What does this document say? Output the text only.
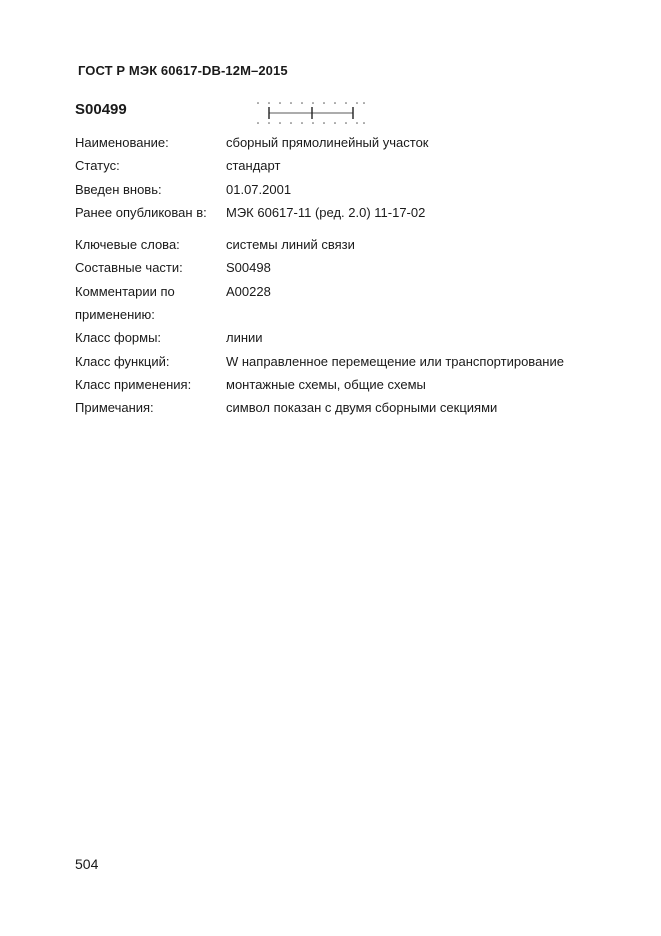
ГОСТ Р МЭК 60617-DB-12M–2015
S00499
Наименование:	сборный прямолинейный участок
Статус:	стандарт
Введен вновь:	01.07.2001
Ранее опубликован в:	МЭК 60617-11 (ред. 2.0) 11-17-02
Ключевые слова:	системы линий связи
Составные части:	S00498
Комментарии по применению:
A00228
Класс формы:	линии
Класс функций:	W направленное перемещение или транспортирование
Класс применения:	монтажные схемы, общие схемы
Примечания:	символ показан с двумя сборными секциями
504
